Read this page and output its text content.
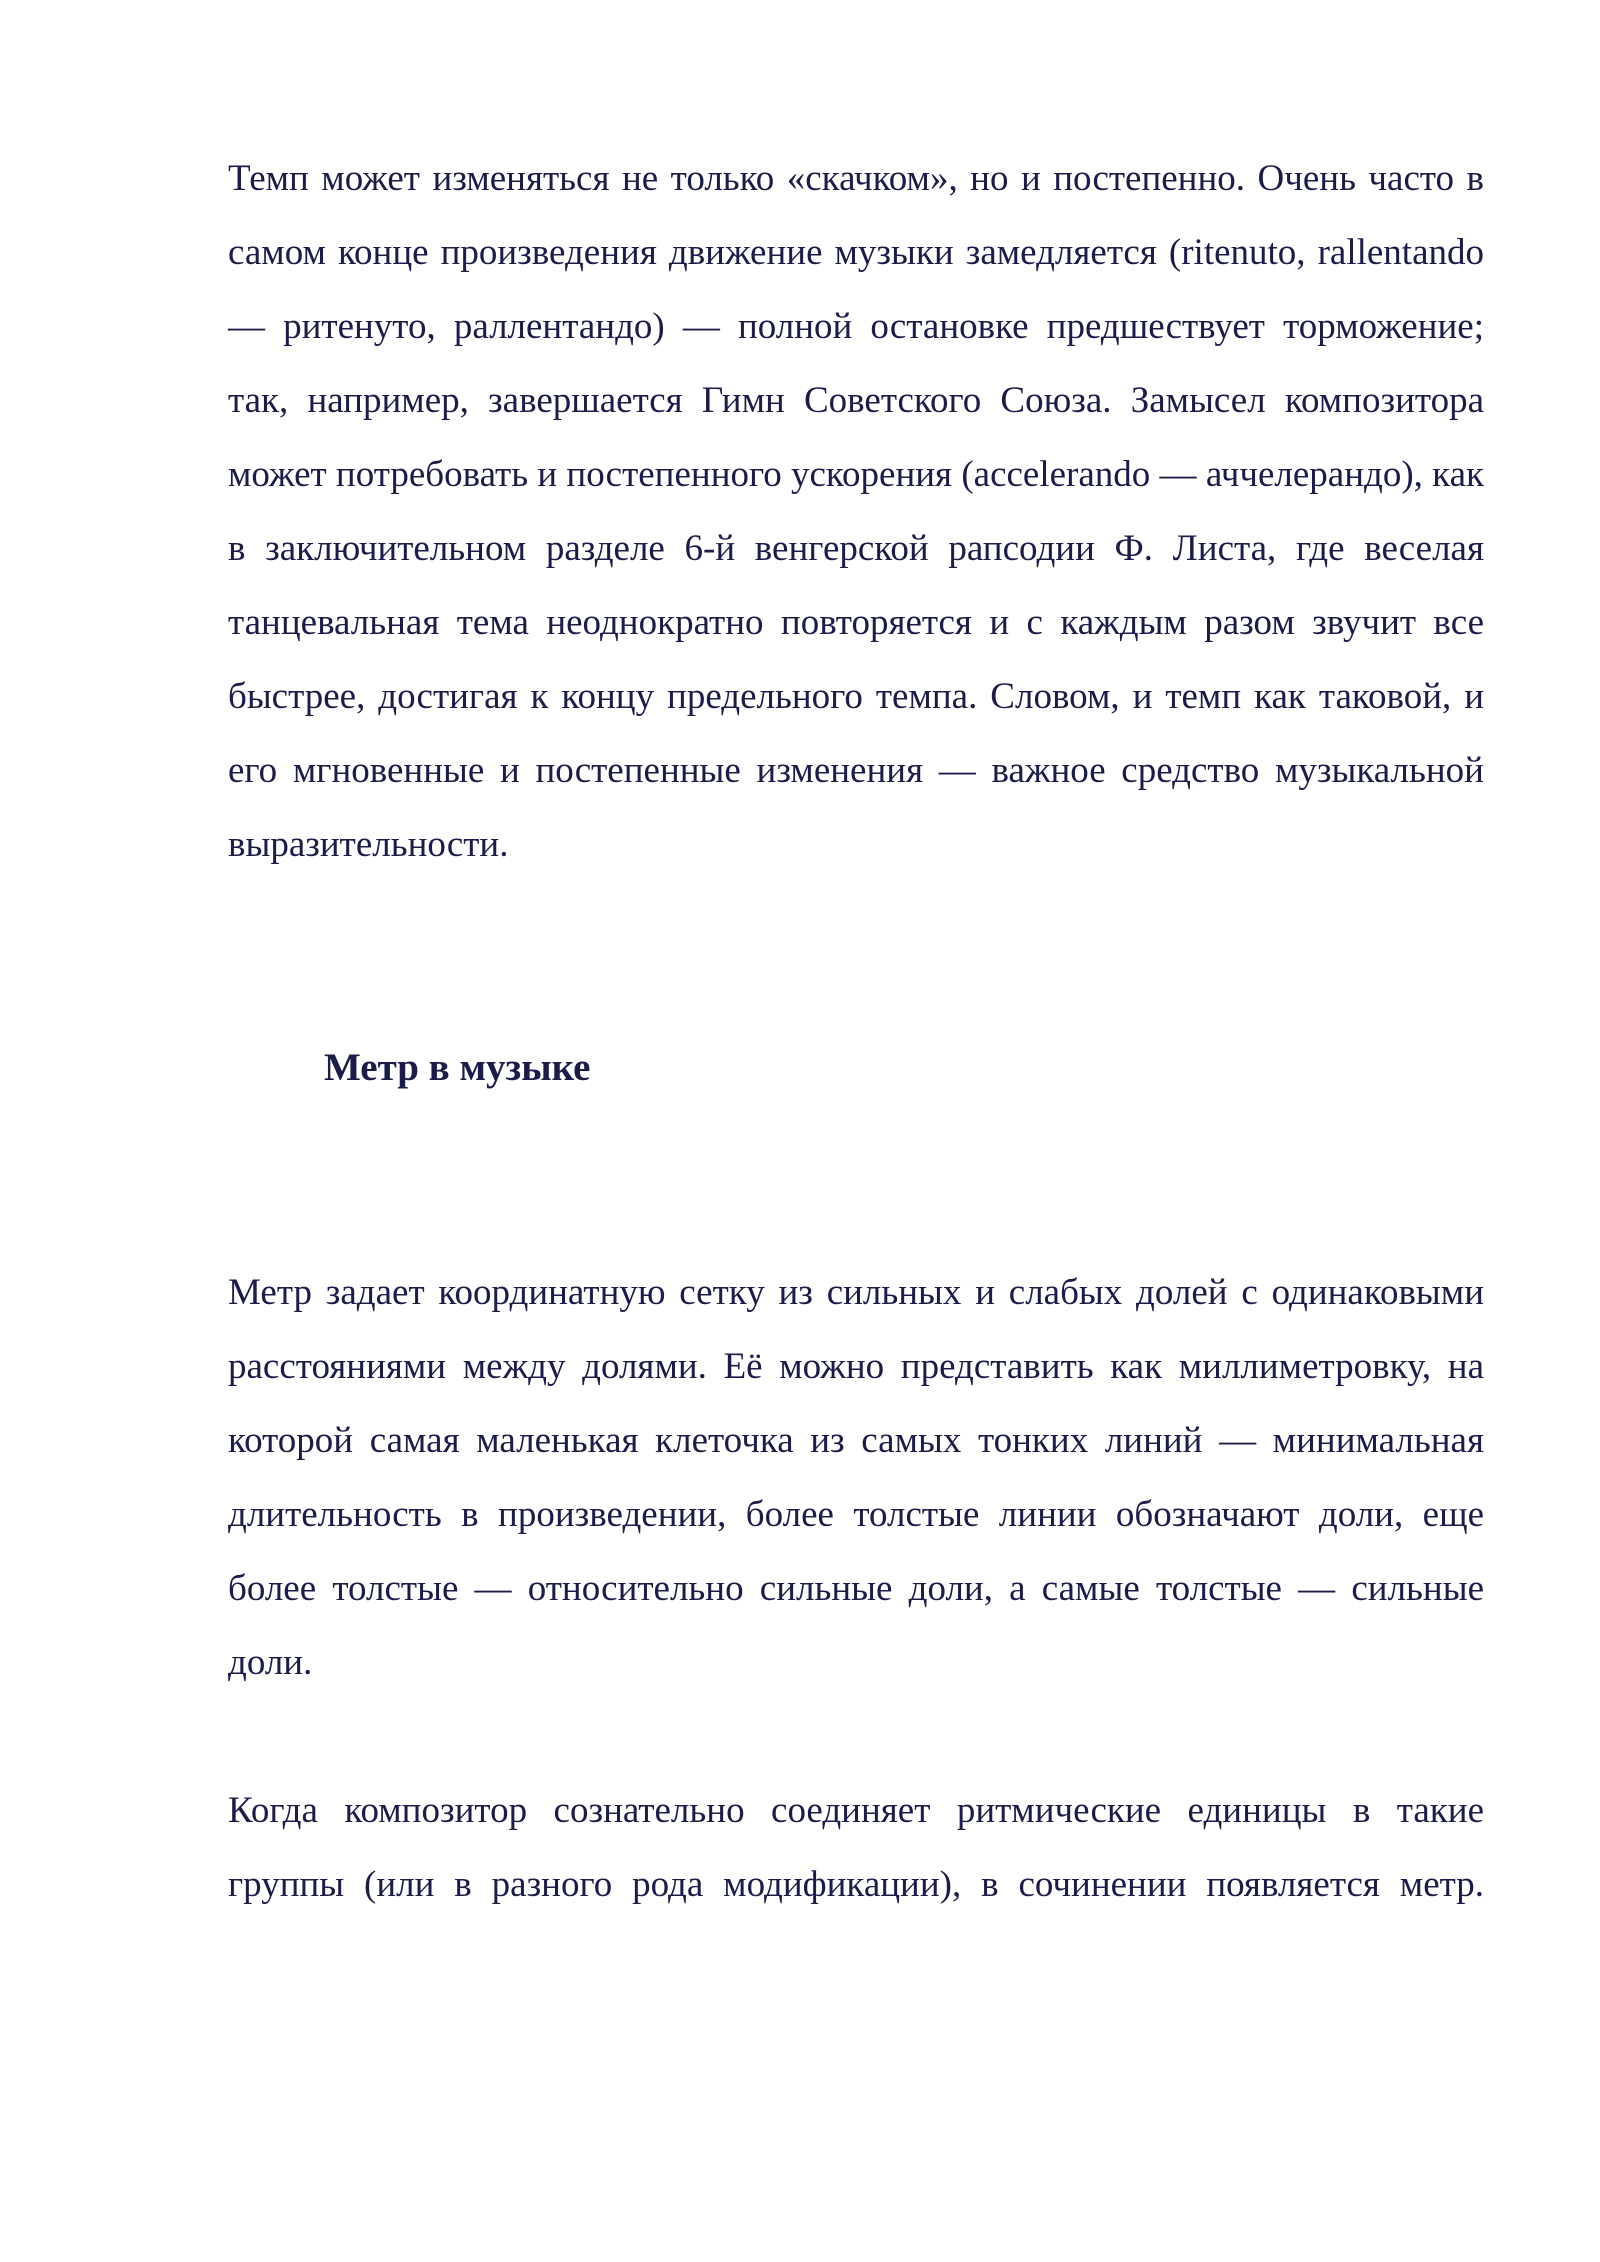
Темп может изменяться не только «скачком», но и постепенно. Очень часто в самом конце произведения движение музыки замедляется (ritenuto, rallentando — ритенуто, раллентандо) — полной остановке предшествует торможение; так, например, завершается Гимн Советского Союза. Замысел композитора может потребовать и постепенного ускорения (accelerando — аччелерандо), как в заключительном разделе 6-й венгерской рапсодии Ф. Листа, где веселая танцевальная тема неоднократно повторяется и с каждым разом звучит все быстрее, достигая к концу предельного темпа. Словом, и темп как таковой, и его мгновенные и постепенные изменения — важное средство музыкальной выразительности.

Метр в музыке

Метр задает координатную сетку из сильных и слабых долей с одинаковыми расстояниями между долями. Её можно представить как миллиметровку, на которой самая маленькая клеточка из самых тонких линий — минимальная длительность в произведении, более толстые линии обозначают доли, еще более толстые — относительно сильные доли, а самые толстые — сильные доли.

Когда композитор сознательно соединяет ритмические единицы в такие группы (или в разного рода модификации), в сочинении появляется метр.
